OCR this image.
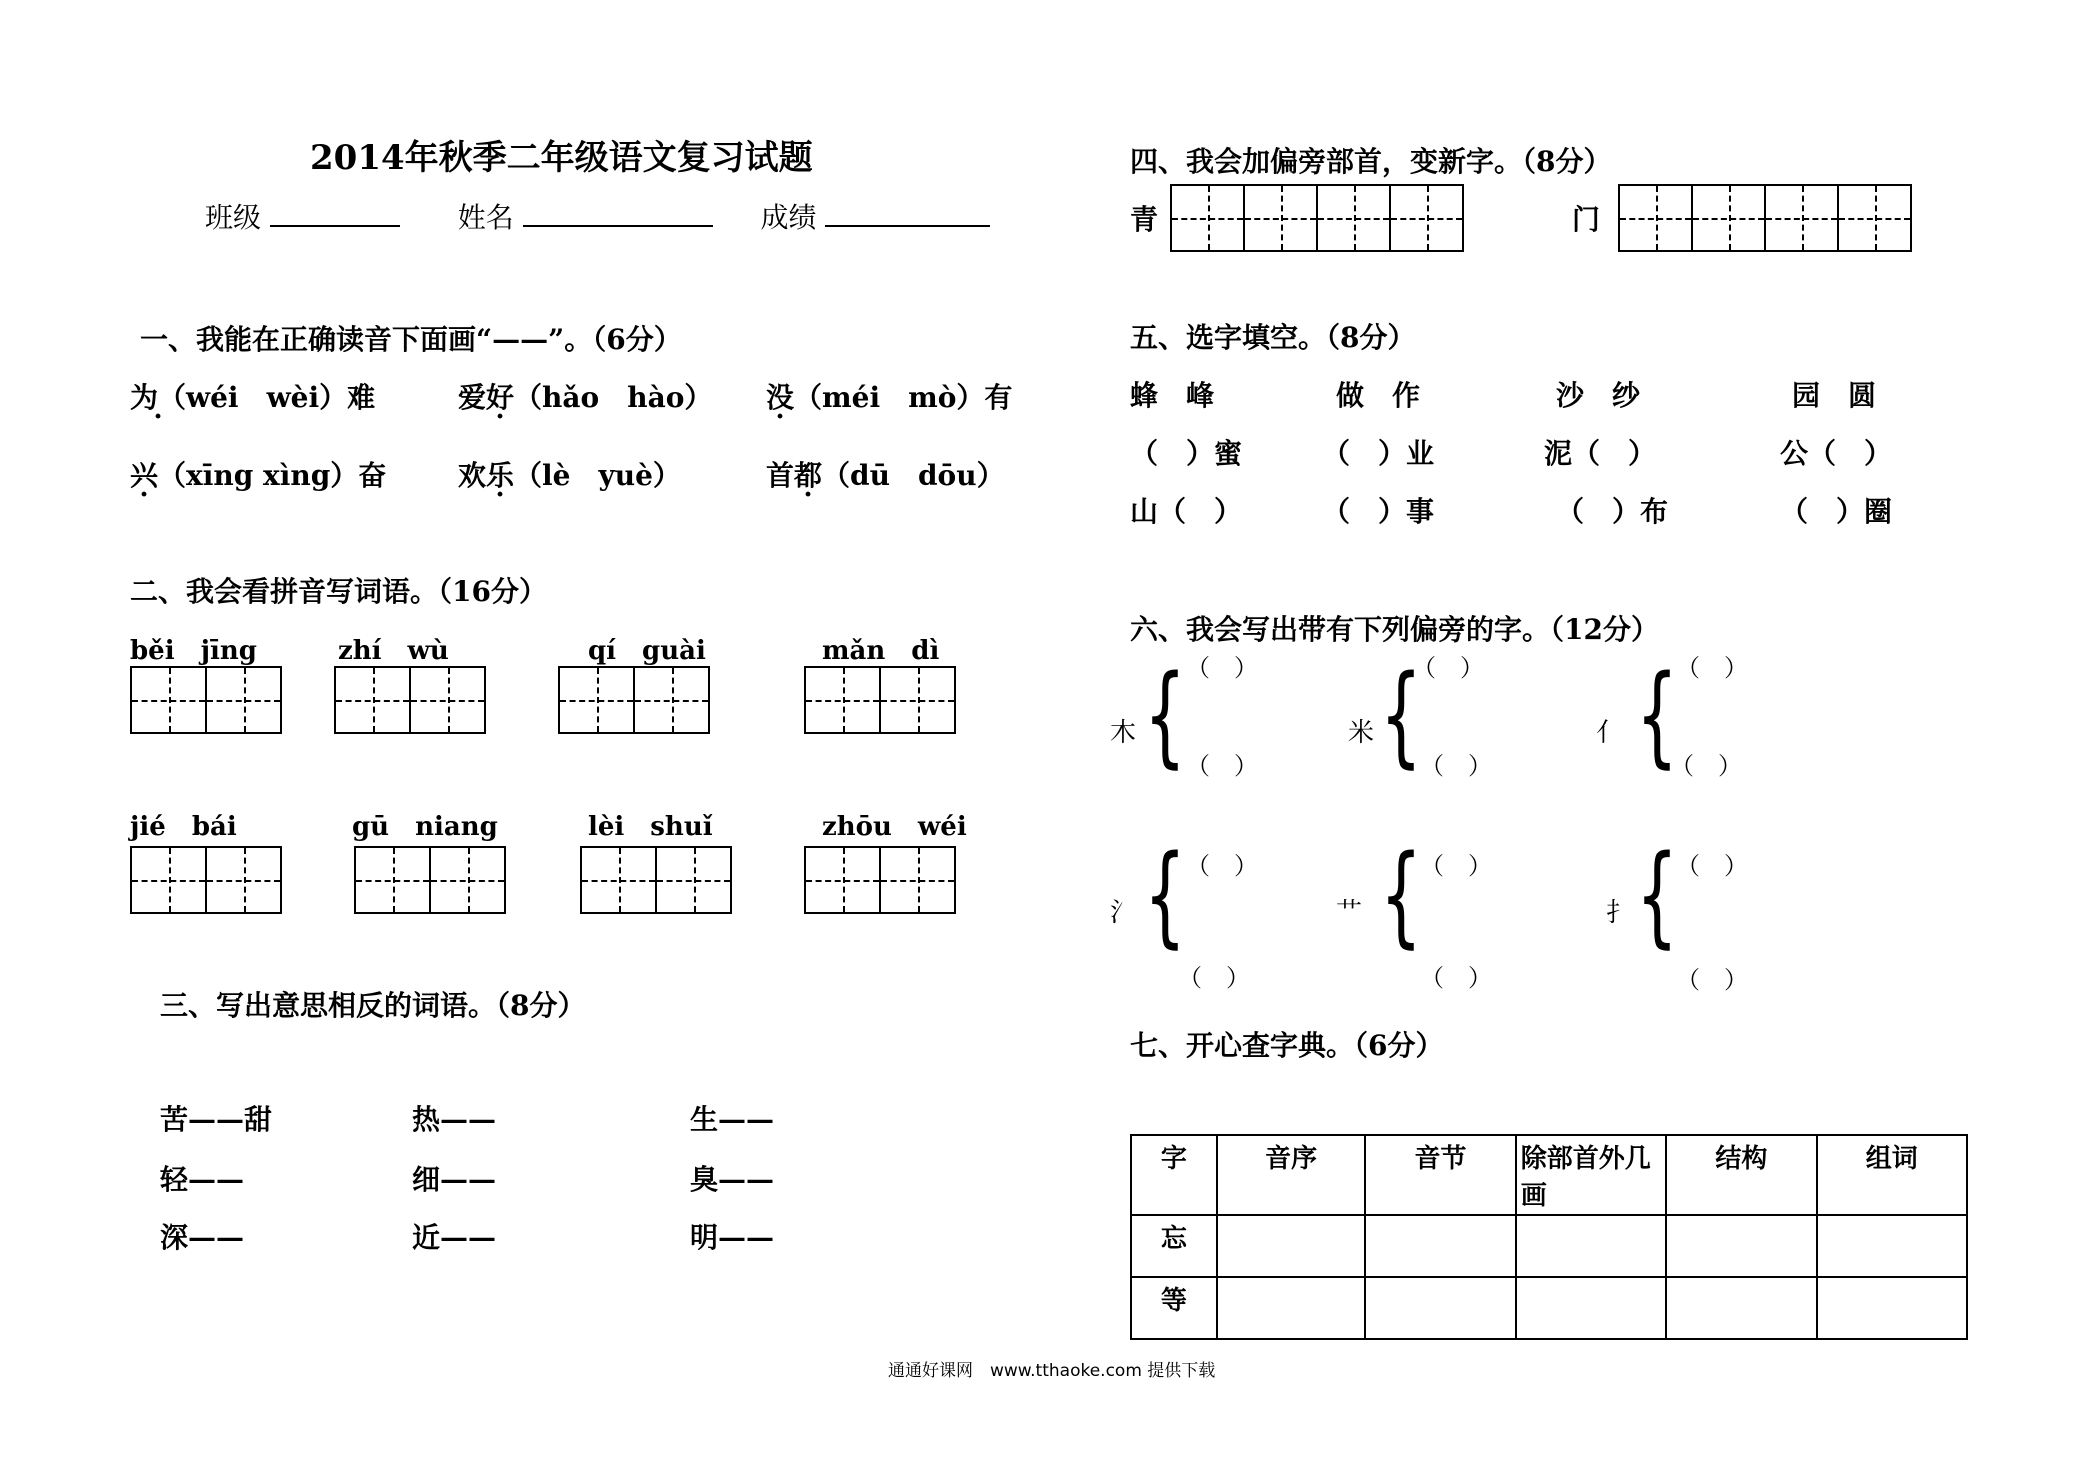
2014年秋季二年级语文复习试题
班级	姓名	成绩
一、我能在正确读音下面画“——”。（6分）
为（wéi　wèi）难	爱好（hǎo　hào） 没（méi　mò）有
兴（xīng xìng）奋	欢乐（lè　yuè）	首都（dū　dōu）
二、我会看拼音写词语。（16分）
běi　jīng	zhí　wù	qí　guài	mǎn　dì
jié　bái	gū　niang	lèi　shuǐ	zhōu　wéi
三、写出意思相反的词语。（8分）
苦——甜	热——	生——
轻——	细——	臭——
深——	近——	明——
四、我会加偏旁部首，变新字。（8分）
青	门
五、选字填空。（8分）
蜂　峰	做　作	沙　纱	园　圆
（　）蜜	（　）业	泥（　）	公（　）
山（　）	（　）事	（　）布	（　）圈
六、我会写出带有下列偏旁的字。（12分）
木 { （　）
（　）
米 {
（　）
（　）
亻 {
（　）
（　）
氵 { （　）
（　）
艹 {
（　）
（　）
扌 {
（　）
（　）
七、开心查字典。（6分）
字	音序	音节	除部首外几画	结构	组词
忘					
等					
通通好课网　www.tthaoke.com 提供下载
